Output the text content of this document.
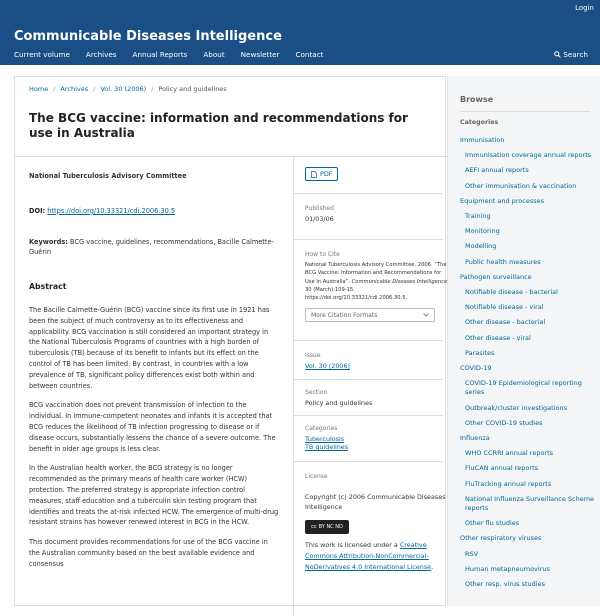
Login
Communicable Diseases Intelligence
Current volume Archives Annual Reports About Newsletter Contact	Search
Home / Archives / Vol. 30 (2006) / Policy and guidelines
The BCG vaccine: information and recommendations for use in Australia
National Tuberculosis Advisory Committee
DOI: https://doi.org/10.33321/cdi.2006.30.5
Keywords: BCG vaccine, guidelines, recommendations, Bacille Calmette-Guérin
Abstract

The Bacille Calmette-Guérin (BCG) vaccine since its first use in 1921 has been the subject of much controversy as to its effectiveness and applicability. BCG vaccination is still considered an important strategy in the National Tuberculosis Programs of countries with a high burden of tuberculosis (TB) because of its benefit to infants but its effect on the control of TB has been limited. By contrast, in countries with a low prevalence of TB, significant policy differences exist both within and between countries.

BCG vaccination does not prevent transmission of infection to the individual. In immune-competent neonates and infants it is accepted that BCG reduces the likelihood of TB infection progressing to disease or if disease occurs, substantially lessens the chance of a severe outcome. The benefit in older age groups is less clear.

In the Australian health worker, the BCG strategy is no longer recommended as the primary means of health care worker (HCW) protection. The preferred strategy is appropriate infection control measures, staff education and a tuberculin skin testing program that identifies and treats the at-risk infected HCW. The emergence of multi-drug resistant strains has however renewed interest in BCG in the HCW.

This document provides recommendations for use of the BCG vaccine in the Australian community based on the best available evidence and consensus

PDF
Published
01/03/06
How to Cite
National Tuberculosis Advisory Committee. 2006. “The BCG Vaccine: Information and Recommendations for Use in Australia”. Communicable Diseases Intelligence 30 (March):109-15. https://doi.org/10.33321/cdi.2006.30.5.
More Citation Formats
Issue
Vol. 30 (2006)
Section
Policy and guidelines
Categories
Tuberculosis
TB guidelines
License
Copyright (c) 2006 Communicable Diseases Intelligence
cc BY NC ND
This work is licensed under a Creative Commons Attribution-NonCommercial-NoDerivatives 4.0 International License.
Browse
Categories
Immunisation
Immunisation coverage annual reports
AEFI annual reports
Other immunisation & vaccination
Equipment and processes
Training
Monitoring
Modelling
Public health measures
Pathogen surveillance
Notifiable disease - bacterial
Notifiable disease - viral
Other disease - bacterial
Other disease - viral
Parasites
COVID-19
COVID-19 Epidemiological reporting series
Outbreak/cluster investigations
Other COVID-19 studies
Influenza
WHO CCRRI annual reports
FluCAN annual reports
FluTracking annual reports
National Influenza Surveillance Scheme reports
Other flu studies
Other respiratory viruses
RSV
Human metapneumovirus
Other resp. virus studies
